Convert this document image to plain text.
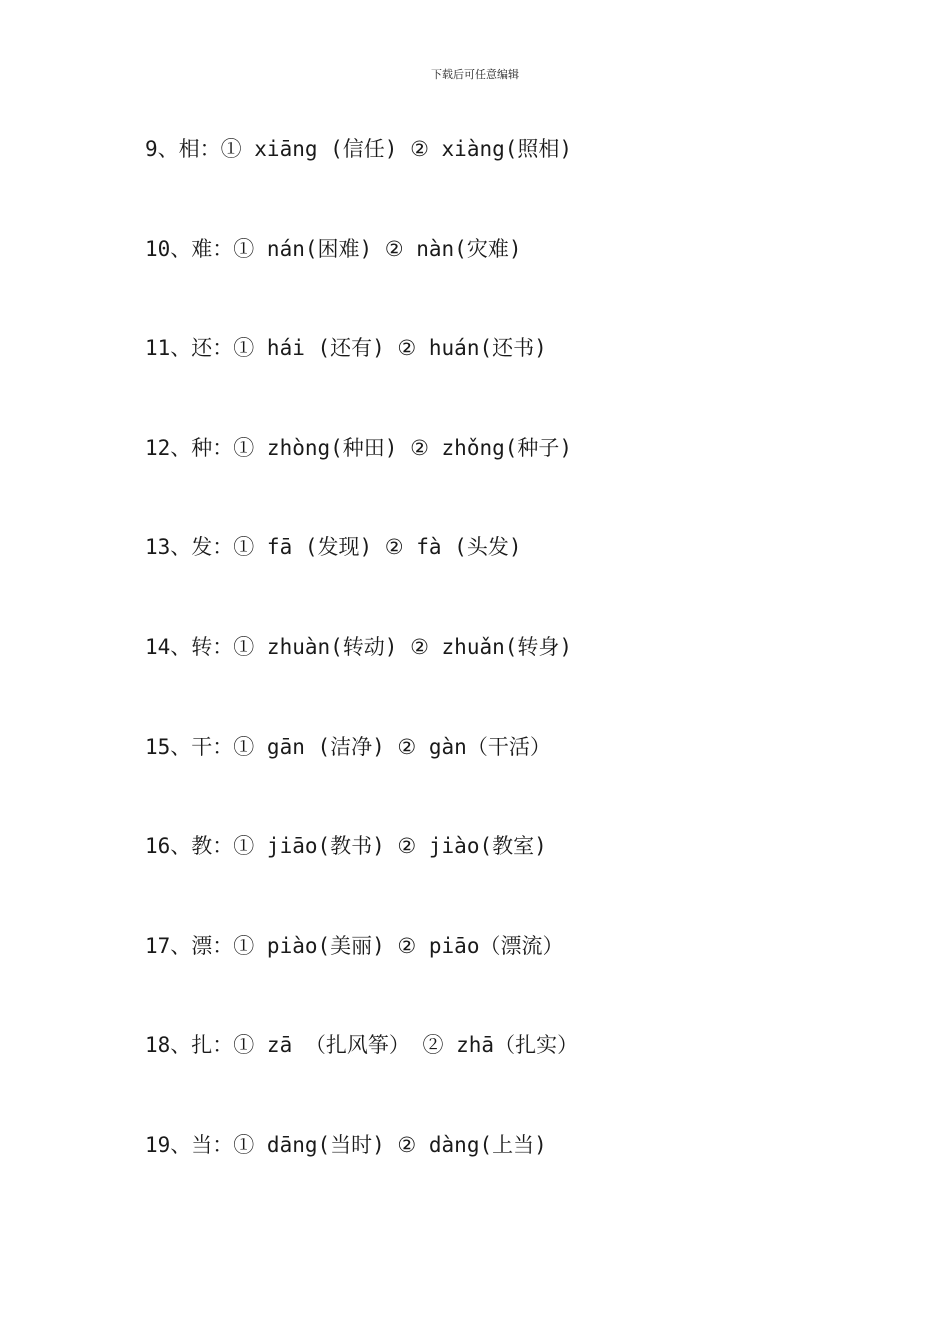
下载后可任意编辑
9、相：① xiāng (信任) ② xiàng(照相)
10、难：① nán(困难) ② nàn(灾难)
11、还：① hái (还有) ② huán(还书)
12、种：① zhòng(种田) ② zhǒng(种子)
13、发：① fā (发现) ② fà (头发)
14、转：① zhuàn(转动) ② zhuǎn(转身)
15、干：① gān (洁净) ② gàn（干活）
16、教：① jiāo(教书) ② jiào(教室)
17、漂：① piào(美丽) ② piāo（漂流）
18、扎：① zā （扎风筝） ② zhā（扎实）
19、当：① dāng(当时) ② dàng(上当)
